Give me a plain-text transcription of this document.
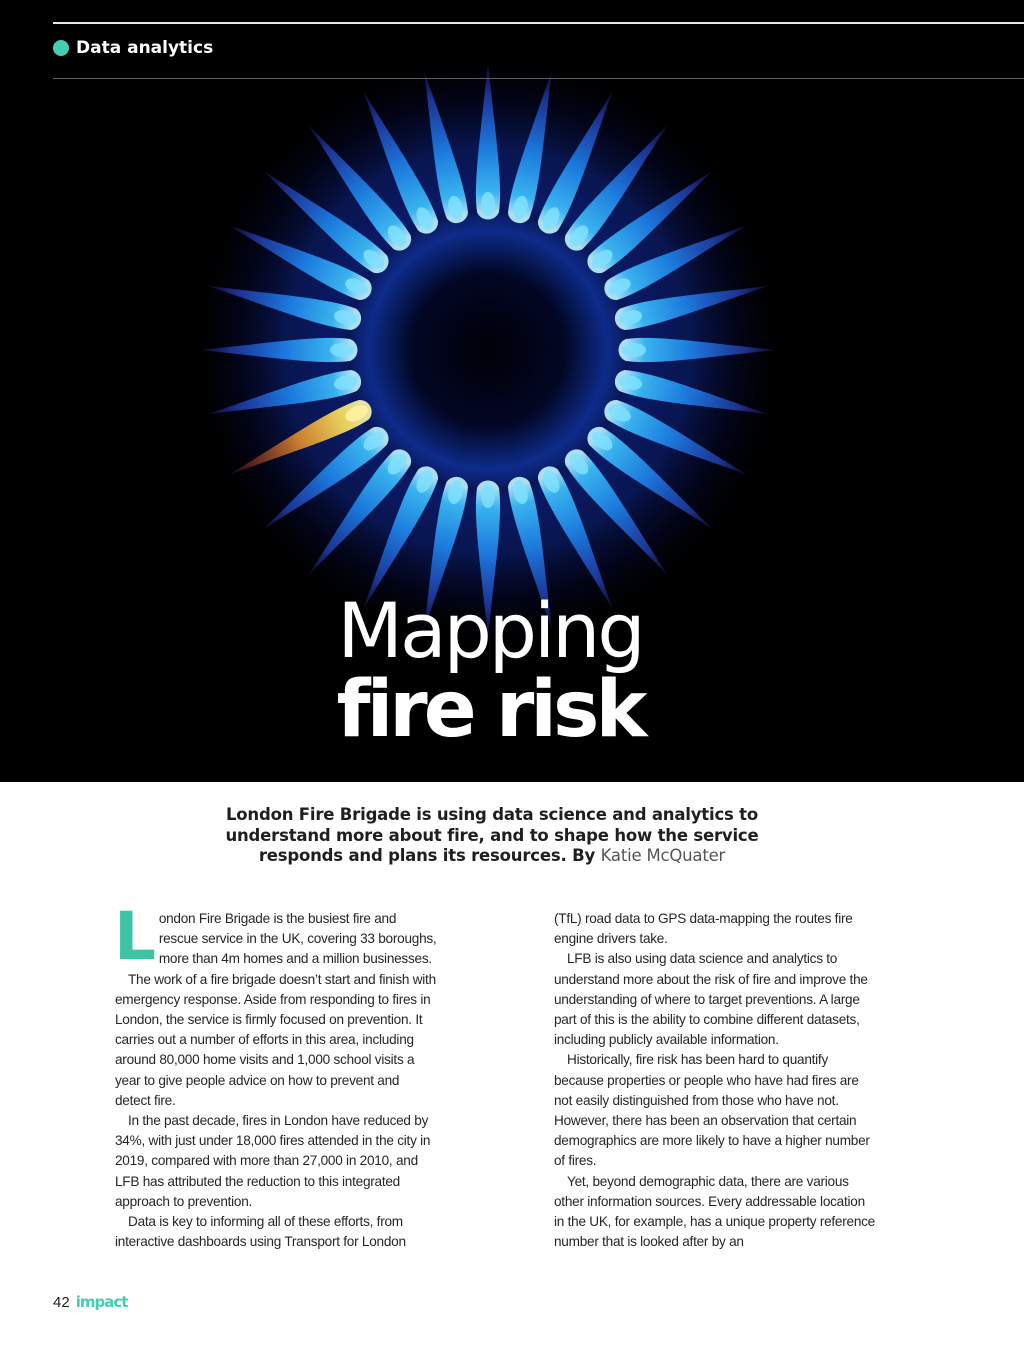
Data analytics
Mapping
fire risk
London Fire Brigade is using data science and analytics to understand more about fire, and to shape how the service responds and plans its resources. By Katie McQuater

L ondon Fire Brigade is the busiest fire and rescue service in the UK, covering 33 boroughs, more than 4m homes and a million businesses.

The work of a fire brigade doesn’t start and finish with emergency response. Aside from responding to fires in London, the service is firmly focused on prevention. It carries out a number of efforts in this area, including around 80,000 home visits and 1,000 school visits a year to give people advice on how to prevent and detect fire.

In the past decade, fires in London have reduced by 34%, with just under 18,000 fires attended in the city in 2019, compared with more than 27,000 in 2010, and LFB has attributed the reduction to this integrated approach to prevention.

Data is key to informing all of these efforts, from interactive dashboards using Transport for London

(TfL) road data to GPS data-mapping the routes fire engine drivers take.

LFB is also using data science and analytics to understand more about the risk of fire and improve the understanding of where to target preventions. A large part of this is the ability to combine different datasets, including publicly available information.

Historically, fire risk has been hard to quantify because properties or people who have had fires are not easily distinguished from those who have not. However, there has been an observation that certain demographics are more likely to have a higher number of fires.

Yet, beyond demographic data, there are various other information sources. Every addressable location in the UK, for example, has a unique property reference number that is looked after by an

42 impact
